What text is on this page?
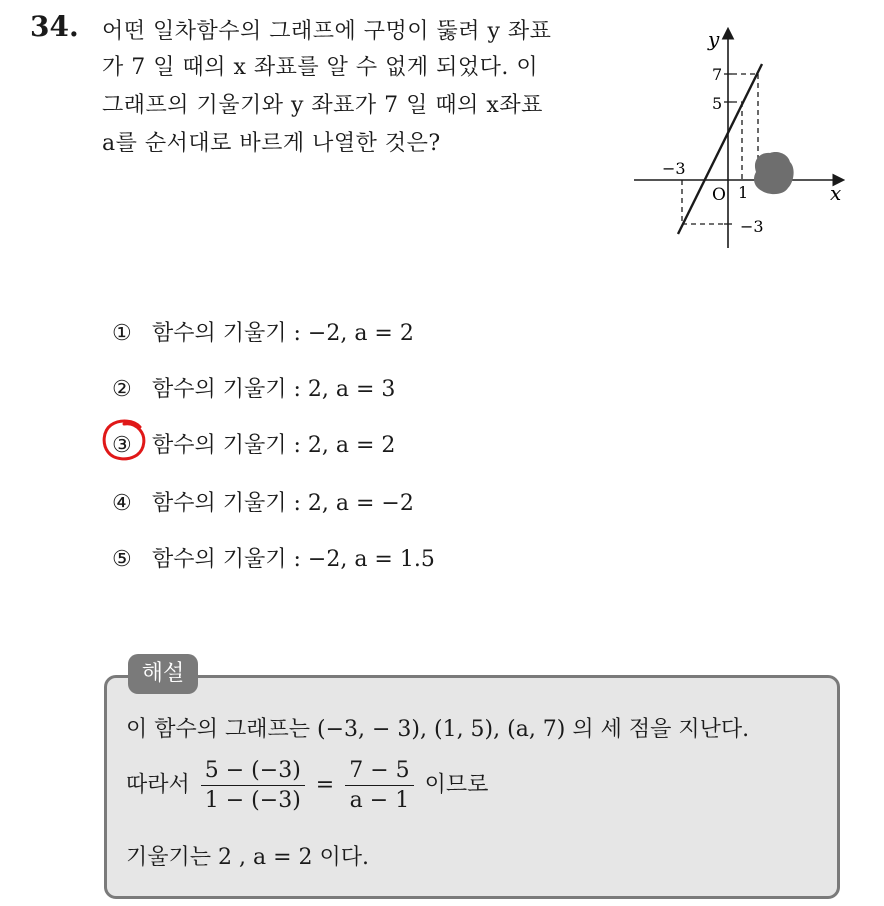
34. 어떤 일차함수의 그래프에 구멍이 뚫려 y 좌표
가 7 일 때의 x 좌표를 알 수 없게 되었다. 이
그래프의 기울기와 y 좌표가 7 일 때의 x좌표
a를 순서대로 바르게 나열한 것은?
x
y
O
7
5
−3
1
−3
① 함수의 기울기 : −2, a = 2
② 함수의 기울기 : 2, a = 3
③ 함수의 기울기 : 2, a = 2
④ 함수의 기울기 : 2, a = −2
⑤ 함수의 기울기 : −2, a = 1.5
해설
이 함수의 그래프는 (−3, − 3), (1, 5), (a, 7) 의 세 점을 지난다.
따라서 $\frac{5 - (-3)}{1 - (-3)} = \frac{7 - 5}{a - 1}$ 이므로
기울기는 2 , a = 2 이다.
